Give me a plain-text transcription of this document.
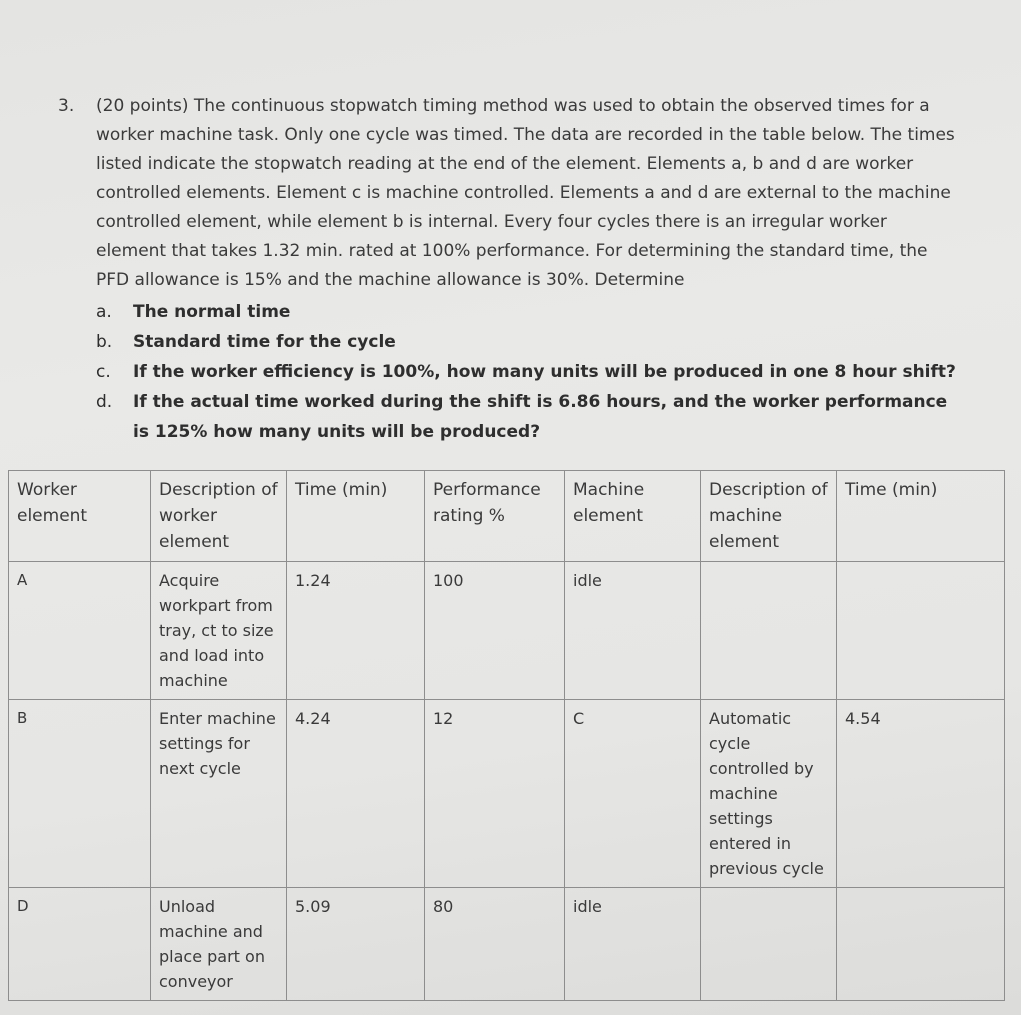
3. (20 points) The continuous stopwatch timing method was used to obtain the observed times for a worker machine task. Only one cycle was timed. The data are recorded in the table below. The times listed indicate the stopwatch reading at the end of the element. Elements a, b and d are worker controlled elements. Element c is machine controlled. Elements a and d are external to the machine controlled element, while element b is internal. Every four cycles there is an irregular worker element that takes 1.32 min. rated at 100% performance. For determining the standard time, the PFD allowance is 15% and the machine allowance is 30%. Determine
a. The normal time
b. Standard time for the cycle
c. If the worker efficiency is 100%, how many units will be produced in one 8 hour shift?
d. If the actual time worked during the shift is 6.86 hours, and the worker performance is 125% how many units will be produced?
Worker element	Description of worker element	Time (min)	Performance rating %	Machine element	Description of machine element	Time (min)
A	Acquire workpart from tray, ct to size and load into machine	1.24	100	idle		
B	Enter machine settings for next cycle	4.24	12	C	Automatic cycle controlled by machine settings entered in previous cycle	4.54
D	Unload machine and place part on conveyor	5.09	80	idle		
